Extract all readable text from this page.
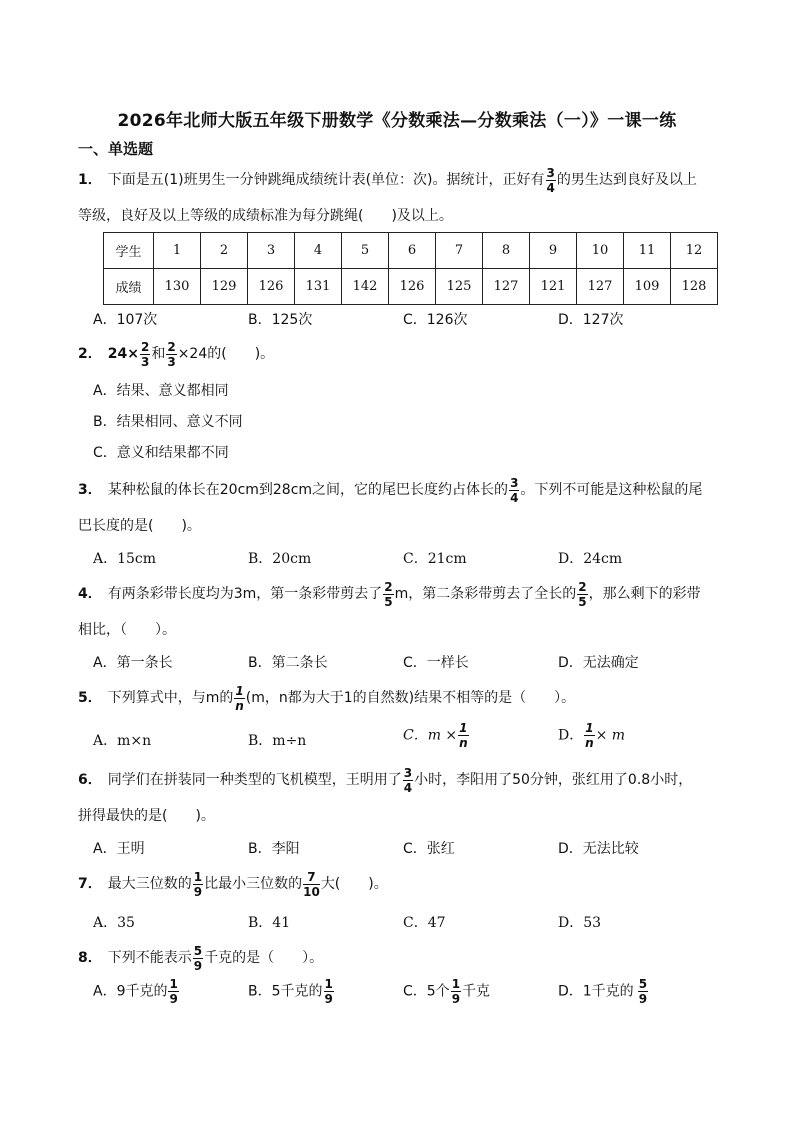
2026年北师大版五年级下册数学《分数乘法—分数乘法（一）》一课一练
一、单选题
1． 下面是五(1)班男生一分钟跳绳成绩统计表(单位：次)。据统计，正好有 $\frac{3}{4}$ 的男生达到良好及以上
等级，良好及以上等级的成绩标准为每分跳绳(　　)及以上。
学生	1	2	3	4	5	6	7	8	9	10	11	12
成绩	130	129	126	131	142	126	125	127	121	127	109	128
A．107次	B．125次	C．126次	D．127次
2． $24\times \frac{2}{3}$ 和 $\frac{2}{3} \times 24$的(　　)。
A．结果、意义都相同
B．结果相同、意义不同
C．意义和结果都不同
3． 某种松鼠的体长在20cm到28cm之间，它的尾巴长度约占体长的 $\frac{3}{4}$ 。下列不可能是这种松鼠的尾
巴长度的是(　　)。
A．15cm	B．20cm	C．21cm	D．24cm
4． 有两条彩带长度均为3m，第一条彩带剪去了 $\frac{2}{5}$ m，第二条彩带剪去了全长的 $\frac{2}{5}$ ，那么剩下的彩带
相比，（　　）。
A．第一条长	B．第二条长	C．一样长	D．无法确定
5． 下列算式中，与m的 $\frac{1}{n} (m$，n都为大于1的自然数)结果不相等的是（　　）。
A．m×n	B．m÷n	C．$m \times \frac{1}{n}$	D． $\frac{1}{n} \times m$
6． 同学们在拼装同一种类型的飞机模型，王明用了 $\frac{3}{4}$ 小时，李阳用了50分钟，张红用了0.8小时，
拼得最快的是(　　)。
A．王明	B．李阳	C．张红	D．无法比较
7． 最大三位数的 $\frac{1}{9}$ 比最小三位数的 $\frac{7}{10}$ 大(　　)。
A．35	B．41	C．47	D．53
8． 下列不能表示 $\frac{5}{9}$ 千克的是（　　）。
A．9千克的 $\frac{1}{9}$	B．5千克的 $\frac{1}{9}$	C．5个 $\frac{1}{9}$ 千克	D．1千克的 $\frac{5}{9}$
